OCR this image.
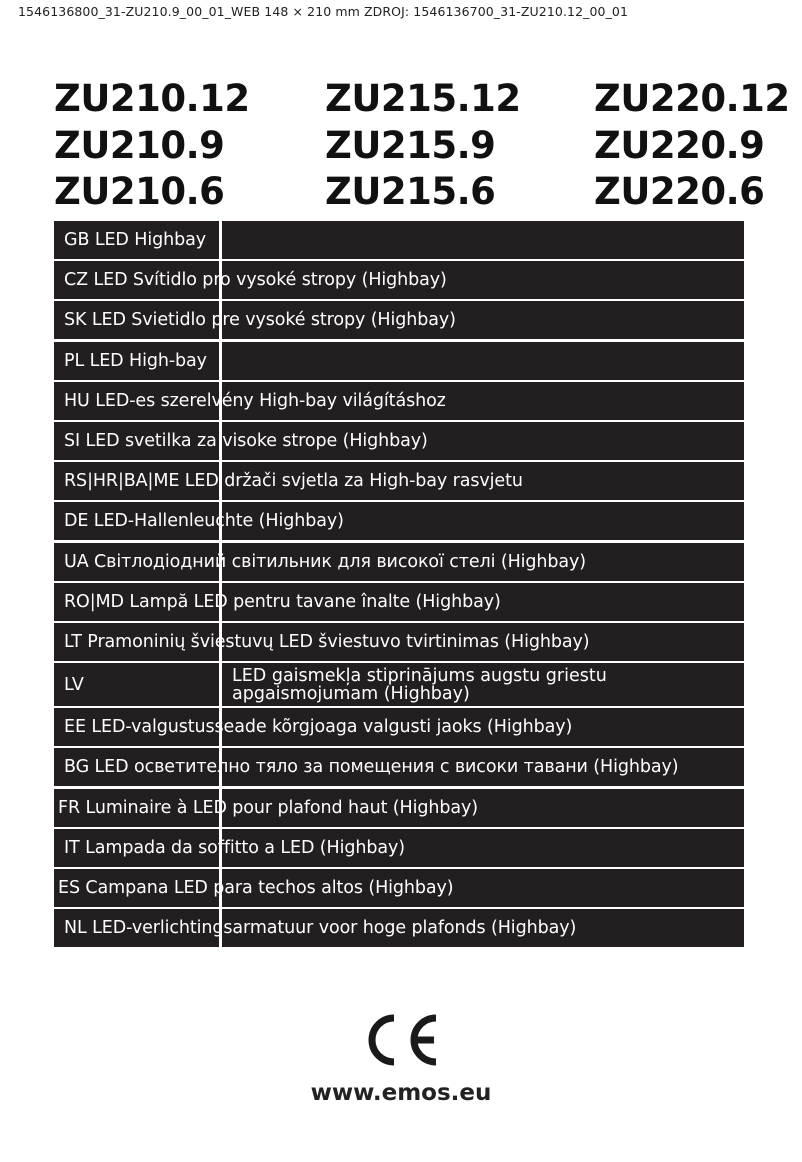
1546136800_31-ZU210.9_00_01_WEB 148 × 210 mm ZDROJ: 1546136700_31-ZU210.12_00_01
ZU210.12
ZU210.9
ZU210.6
ZU215.12
ZU215.9
ZU215.6
ZU220.12
ZU220.9
ZU220.6
GB LED Highbay
CZ LED Svítidlo pro vysoké stropy (Highbay)
SK LED Svietidlo pre vysoké stropy (Highbay)
PL LED High-bay
HU LED-es szerelvény High-bay világításhoz
SI LED svetilka za visoke strope (Highbay)
RS|HR|BA|ME LED držači svjetla za High-bay rasvjetu
DE LED-Hallenleuchte (Highbay)
UA Світлодіодний світильник для високої стелі (Highbay)
RO|MD Lampă LED pentru tavane înalte (Highbay)
LT Pramoninių šviestuvų LED šviestuvo tvirtinimas (Highbay)
LV	LED gaismekļa stiprinājums augstu griestu apgaismojumam (Highbay)
EE LED-valgustusseade kõrgjoaga valgusti jaoks (Highbay)
BG LED осветително тяло за помещения с високи тавани (Highbay)
FR Luminaire à LED pour plafond haut (Highbay)
IT Lampada da soffitto a LED (Highbay)
ES Campana LED para techos altos (Highbay)
NL LED-verlichtingsarmatuur voor hoge plafonds (Highbay)
www.emos.eu
